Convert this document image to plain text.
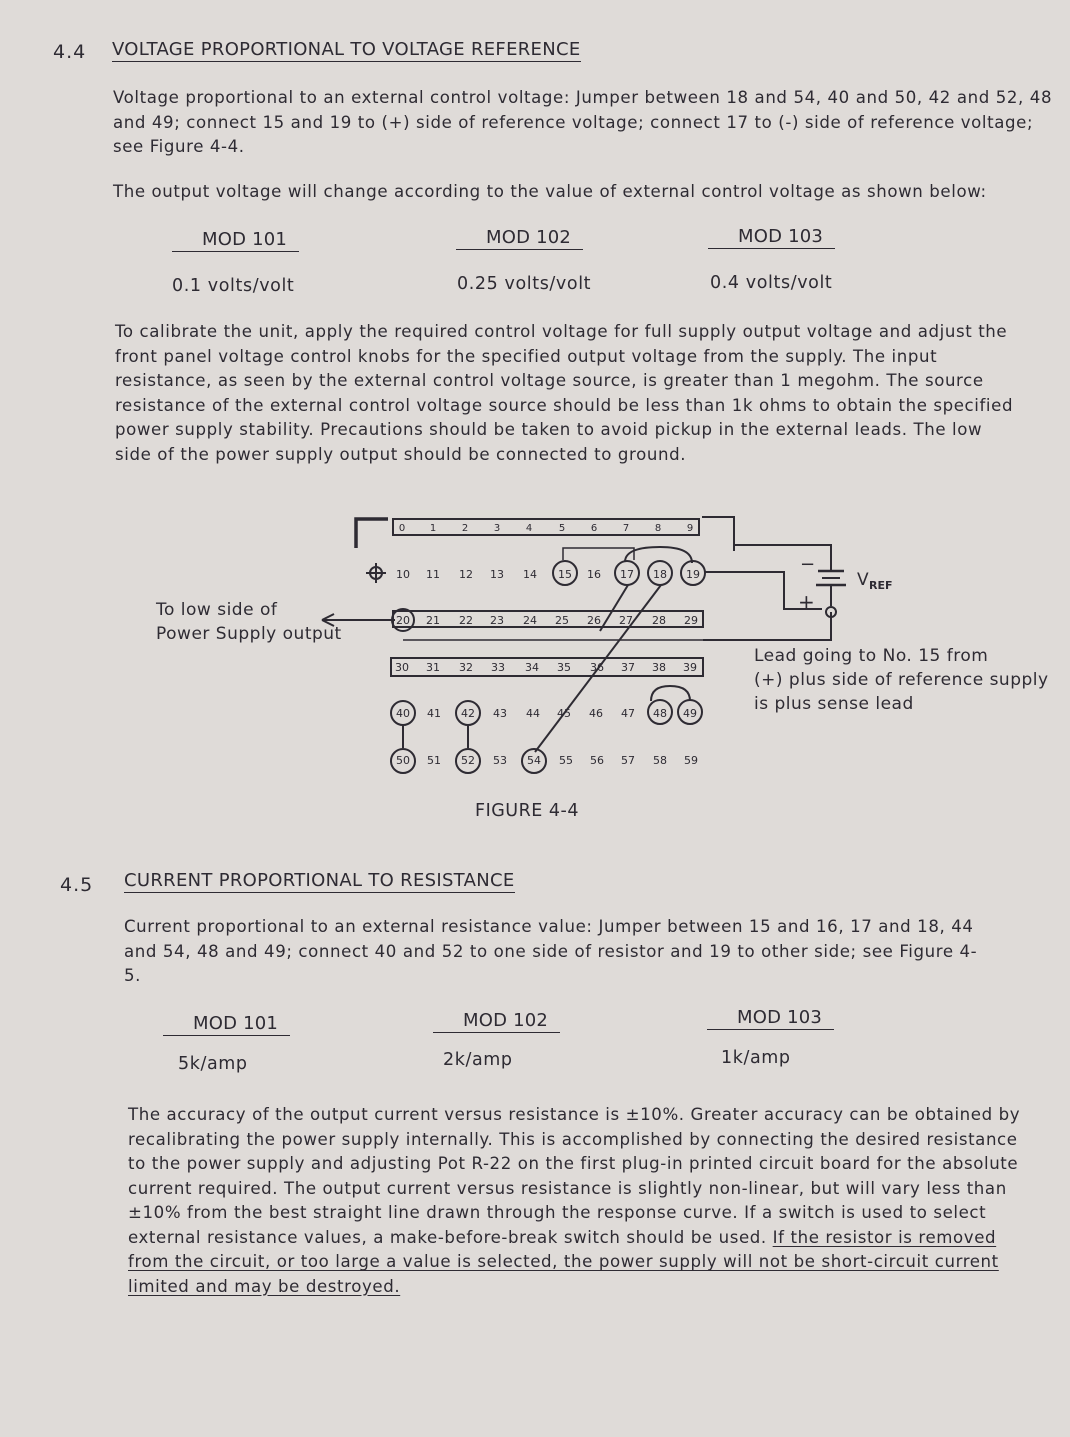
4.4 VOLTAGE PROPORTIONAL TO VOLTAGE REFERENCE

Voltage proportional to an external control voltage: Jumper between 18 and 54, 40 and 50, 42 and 52, 48 and 49; connect 15 and 19 to (+) side of reference voltage; connect 17 to (-) side of reference voltage; see Figure 4-4.

The output voltage will change according to the value of external control voltage as shown below:

MOD 101	MOD 102	MOD 103
0.1 volts/volt	0.25 volts/volt	0.4 volts/volt

To calibrate the unit, apply the required control voltage for full supply output voltage and adjust the front panel voltage control knobs for the specified output voltage from the supply. The input resistance, as seen by the external control voltage source, is greater than 1 megohm. The source resistance of the external control voltage source should be less than 1k ohms to obtain the specified power supply stability. Precautions should be taken to avoid pickup in the external leads. The low side of the power supply output should be connected to ground.

To low side of
Power Supply output
Lead going to No. 15 from
(+) plus side of reference supply
is plus sense lead
V REF
+
−
0 1	2	3	4	5	6	7	8	9
10 11 12 13 14 15 16 17 18 19
20 21 22 23 24 25 26 27 28 29
30 31 32 33 34 35 36 37 38 39
40 41 42 43 44 45 46 47 48 49
50 51 52 53 54 55 56 57 58 59
FIGURE 4-4
4.5 CURRENT PROPORTIONAL TO RESISTANCE

Current proportional to an external resistance value: Jumper between 15 and 16, 17 and 18, 44 and 54, 48 and 49; connect 40 and 52 to one side of resistor and 19 to other side; see Figure 4-5.

MOD 101	MOD 102	MOD 103
5k/amp	2k/amp	1k/amp

The accuracy of the output current versus resistance is ±10%. Greater accuracy can be obtained by recalibrating the power supply internally. This is accomplished by connecting the desired resistance to the power supply and adjusting Pot R-22 on the first plug-in printed circuit board for the absolute current required. The output current versus resistance is slightly non-linear, but will vary less than ±10% from the best straight line drawn through the response curve. If a switch is used to select external resistance values, a make-before-break switch should be used. If the resistor is removed from the circuit, or too large a value is selected, the power supply will not be short-circuit current limited and may be destroyed.
